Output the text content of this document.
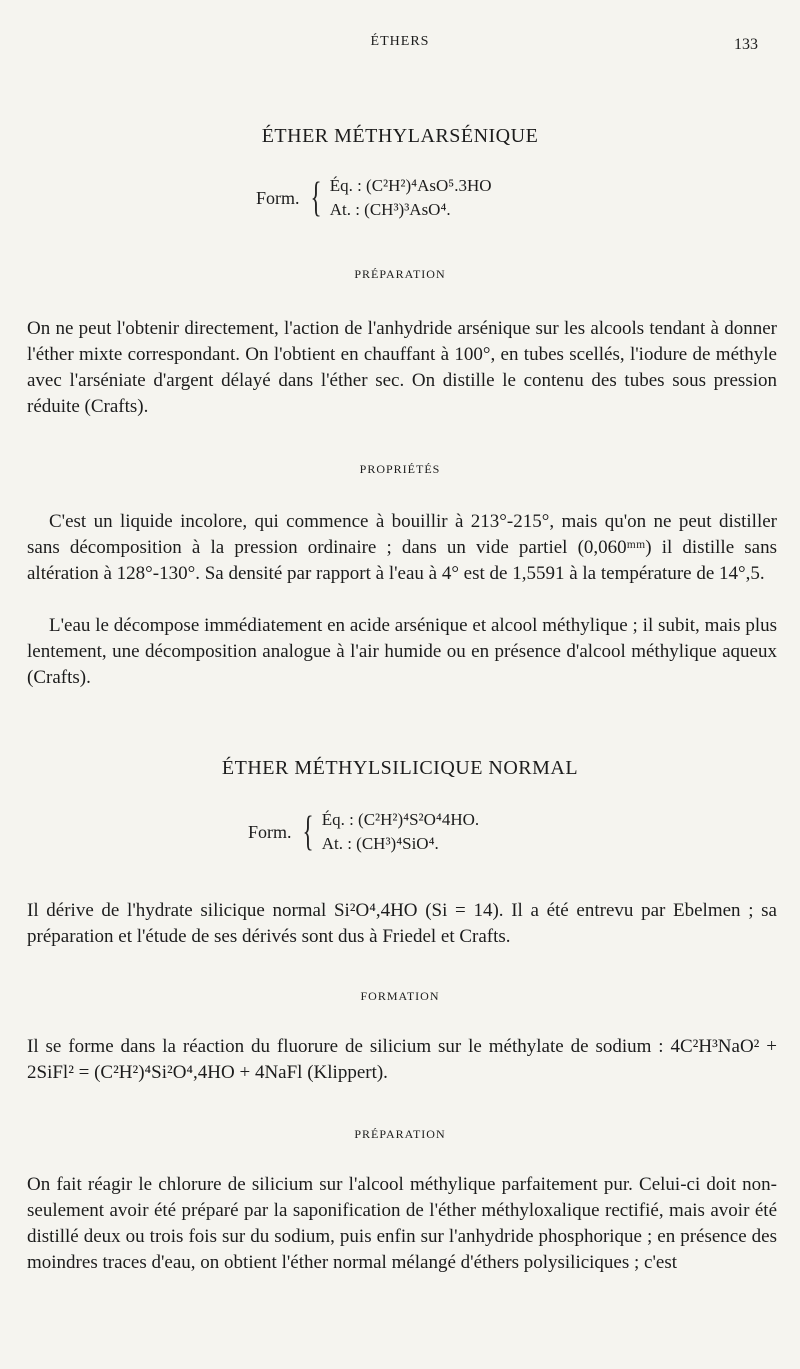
ÉTHERS	133
ÉTHER MÉTHYLARSÉNIQUE
Form. { Éq. : (C²H²)⁴AsO⁵.3HO
At. : (CH³)³AsO⁴.
PRÉPARATION

On ne peut l'obtenir directement, l'action de l'anhydride arsénique sur les alcools tendant à donner l'éther mixte correspondant. On l'obtient en chauffant à 100°, en tubes scellés, l'iodure de méthyle avec l'arséniate d'argent délayé dans l'éther sec. On distille le contenu des tubes sous pression réduite (Crafts).

PROPRIÉTÉS

C'est un liquide incolore, qui commence à bouillir à 213°-215°, mais qu'on ne peut distiller sans décomposition à la pression ordinaire ; dans un vide partiel (0,060ᵐᵐ) il distille sans altération à 128°-130°. Sa densité par rapport à l'eau à 4° est de 1,5591 à la température de 14°,5.

L'eau le décompose immédiatement en acide arsénique et alcool méthylique ; il subit, mais plus lentement, une décomposition analogue à l'air humide ou en présence d'alcool méthylique aqueux (Crafts).

ÉTHER MÉTHYLSILICIQUE NORMAL
Form. { Éq. : (C²H²)⁴S²O⁴4HO.
At. : (CH³)⁴SiO⁴.

Il dérive de l'hydrate silicique normal Si²O⁴,4HO (Si = 14). Il a été entrevu par Ebelmen ; sa préparation et l'étude de ses dérivés sont dus à Friedel et Crafts.

FORMATION

Il se forme dans la réaction du fluorure de silicium sur le méthylate de sodium : 4C²H³NaO² + 2SiFl² = (C²H²)⁴Si²O⁴,4HO + 4NaFl (Klippert).

PRÉPARATION

On fait réagir le chlorure de silicium sur l'alcool méthylique parfaitement pur. Celui-ci doit non-seulement avoir été préparé par la saponification de l'éther méthyloxalique rectifié, mais avoir été distillé deux ou trois fois sur du sodium, puis enfin sur l'anhydride phosphorique ; en présence des moindres traces d'eau, on obtient l'éther normal mélangé d'éthers polysiliciques ; c'est
